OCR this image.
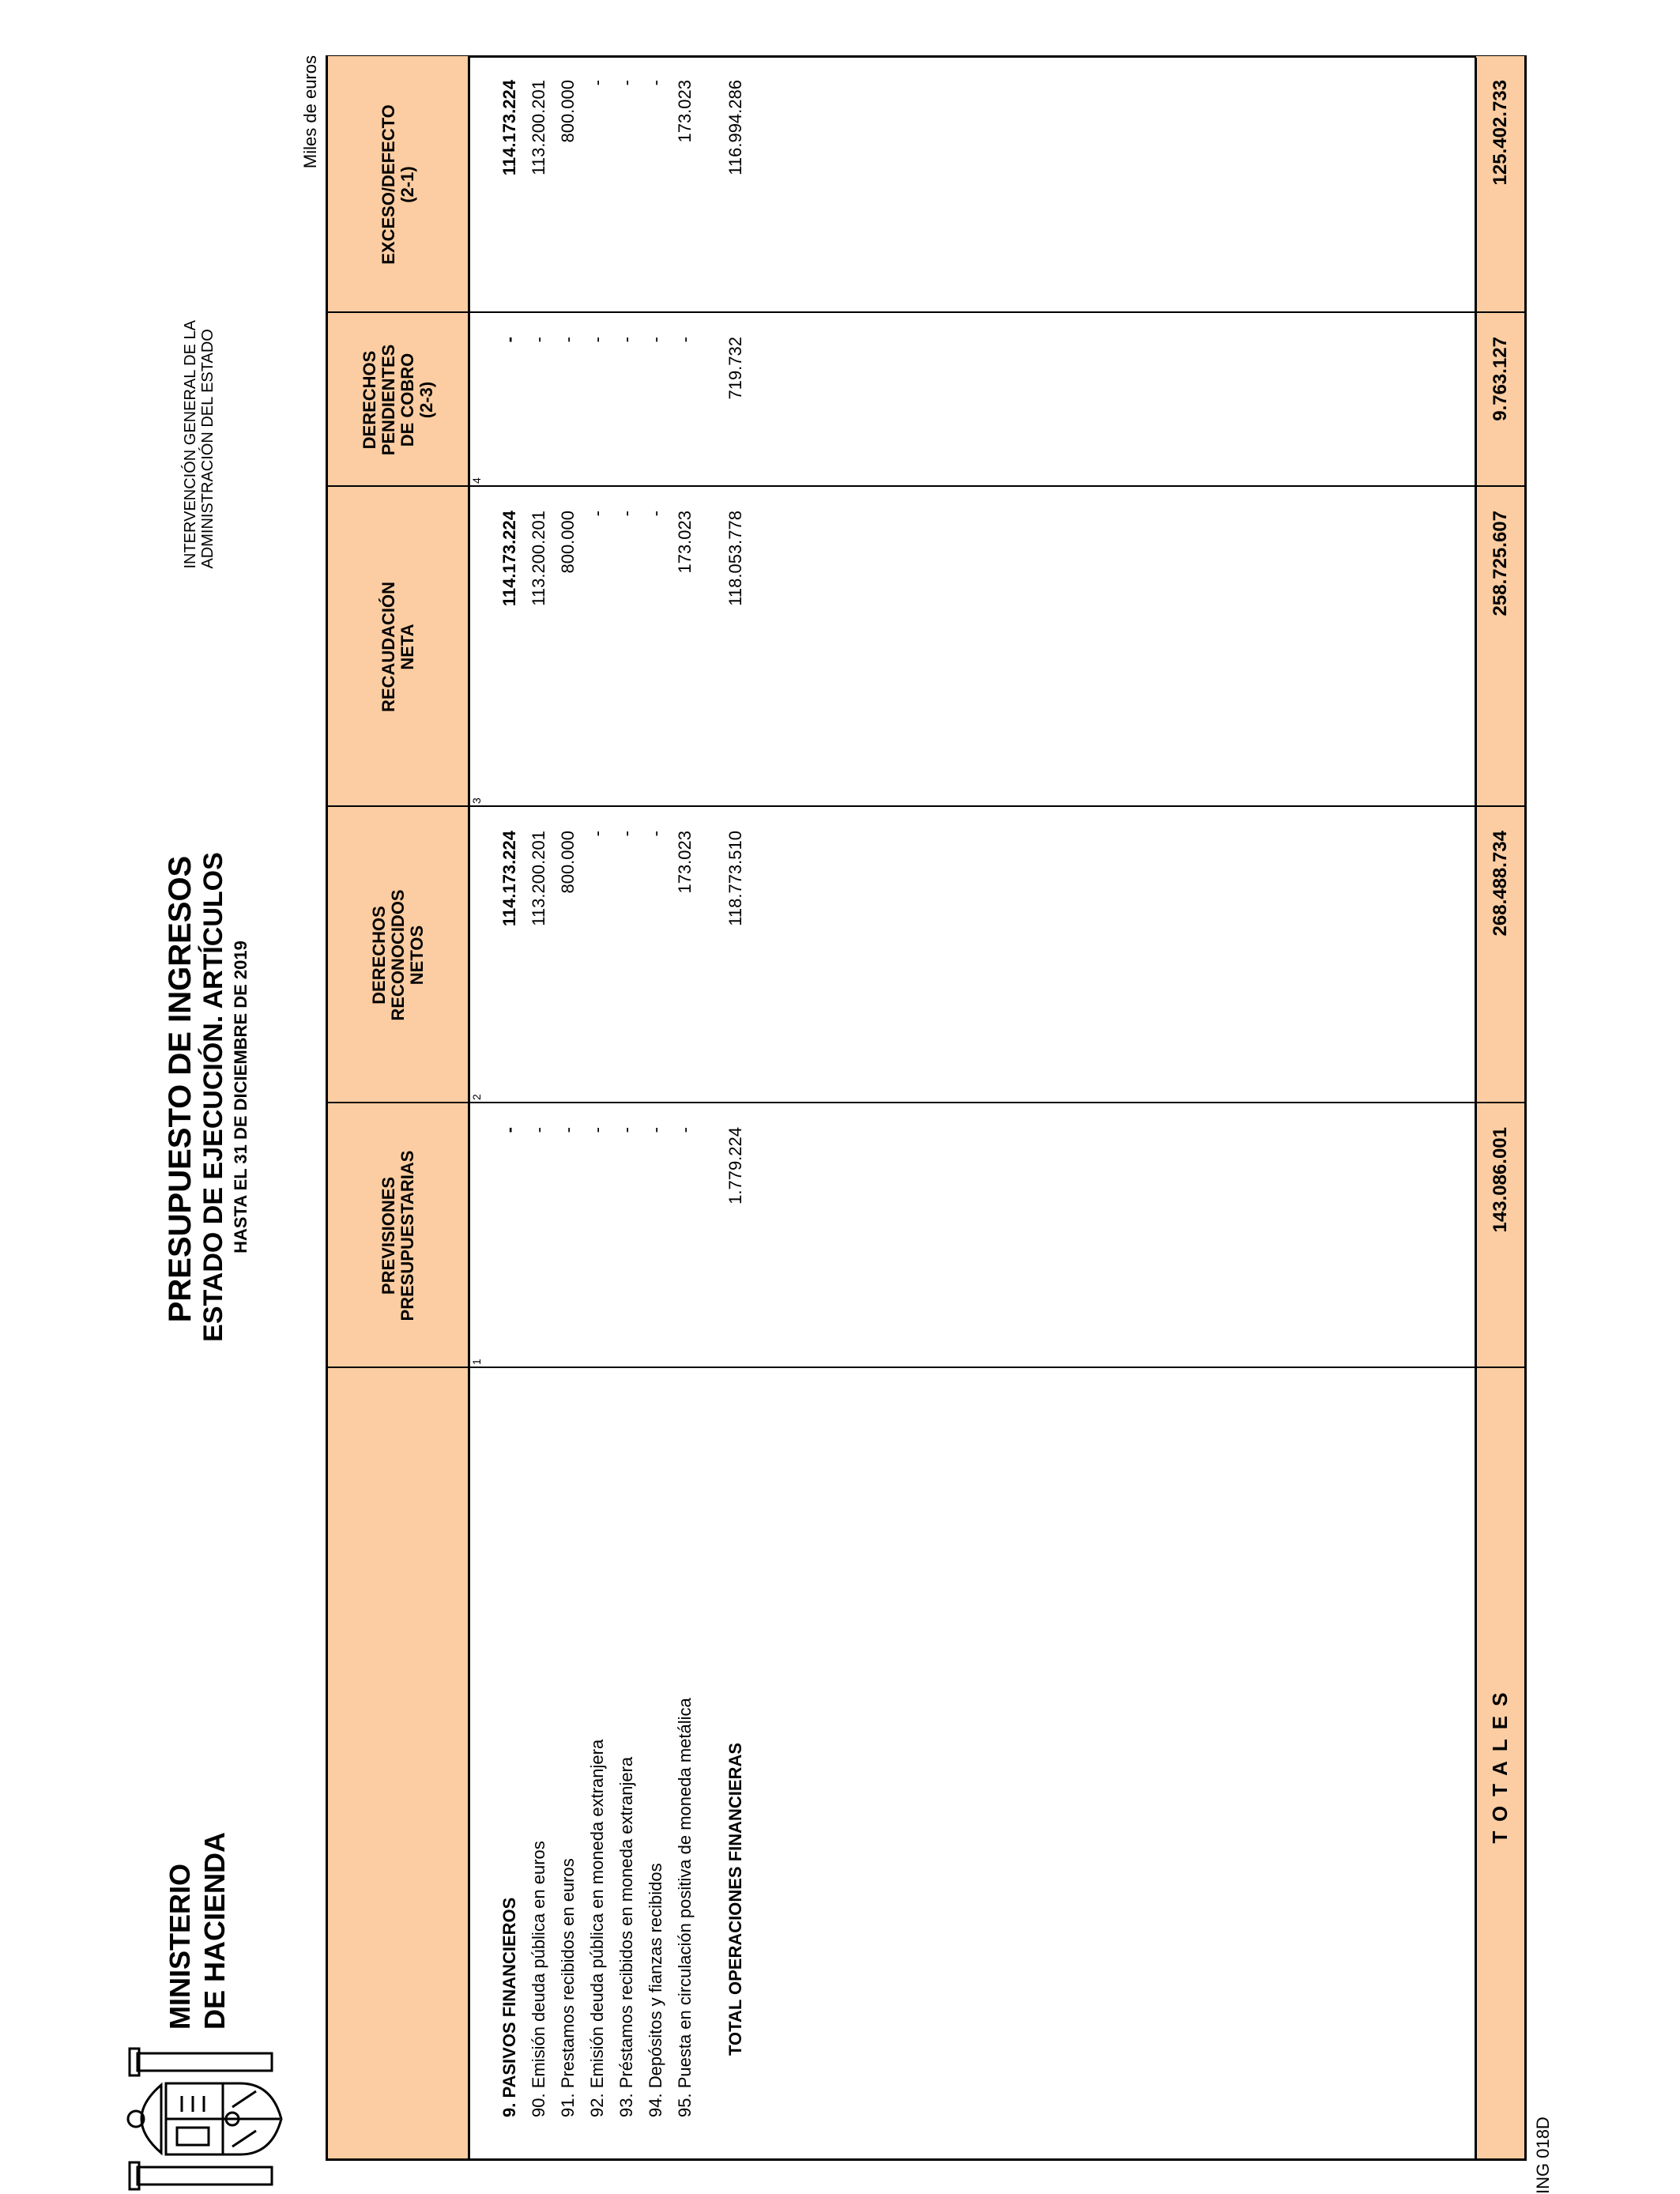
MINISTERIO DE HACIENDA
PRESUPUESTO DE INGRESOS ESTADO DE EJECUCIÓN. ARTÍCULOS HASTA EL 31 DE DICIEMBRE DE 2019
INTERVENCIÓN GENERAL DE LA ADMINISTRACIÓN DEL ESTADO
Miles de euros
PREVISIONES PRESUPUESTARIAS
DERECHOS RECONOCIDOS NETOS
RECAUDACIÓN NETA
DERECHOS PENDIENTES DE COBRO (2-3)
EXCESO/DEFECTO (2-1)
1
2
3
4
9. PASIVOS FINANCIEROS
-
114.173.224
114.173.224
-
114.173.224
90. Emisión deuda pública en euros
-
113.200.201
113.200.201
-
113.200.201
91. Prestamos recibidos en euros
-
800.000
800.000
-
800.000
92. Emisión deuda pública en moneda extranjera
-
-
-
-
-
93. Préstamos recibidos en moneda extranjera
-
-
-
-
-
94. Depósitos y fianzas recibidos
-
-
-
-
-
95. Puesta en circulación positiva de moneda metálica
-
173.023
173.023
-
173.023
TOTAL OPERACIONES FINANCIERAS
1.779.224
118.773.510
118.053.778
719.732
116.994.286
TOTALES
143.086.001
268.488.734
258.725.607
9.763.127
125.402.733
ING 018D
